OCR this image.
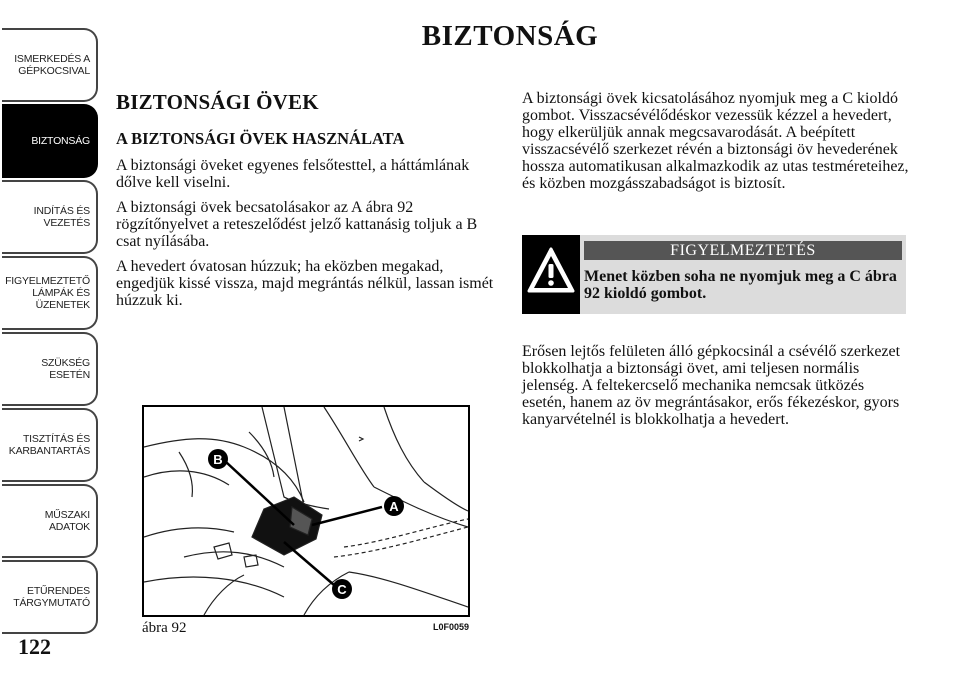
ISMERKEDÉS A
GÉPKOCSIVAL
BIZTONSÁG
INDÍTÁS ÉS
VEZETÉS
FIGYELMEZTETŐ
LÁMPÁK ÉS
ÜZENETEK
SZÜKSÉG ESETÉN
TISZTÍTÁS ÉS
KARBANTARTÁS
MŰSZAKI ADATOK
ETŰRENDES
TÁRGYMUTATÓ
122
BIZTONSÁG
BIZTONSÁGI ÖVEK
A BIZTONSÁGI ÖVEK HASZNÁLATA

A biztonsági öveket egyenes felsőtesttel, a háttámlának dőlve kell viselni.

A biztonsági övek becsatolásakor az A ábra 92 rögzítőnyelvet a reteszelődést jelző kattanásig toljuk a B csat nyílásába.

A hevedert óvatosan húzzuk; ha eközben megakad, engedjük kissé vissza, majd megrántás nélkül, lassan ismét húzzuk ki.

A biztonsági övek kicsatolásához nyomjuk meg a C kioldó gombot. Visszacsévélődéskor vezessük kézzel a hevedert, hogy elkerüljük annak megcsavarodását. A beépített visszacsévélő szerkezet révén a biztonsági öv hevederének hossza automatikusan alkalmazkodik az utas testméreteihez, és közben mozgásszabadságot is biztosít.

FIGYELMEZTETÉS
Menet közben soha ne nyomjuk meg a C ábra 92 kioldó gombot.

Erősen lejtős felületen álló gépkocsinál a csévélő szerkezet blokkolhatja a biztonsági övet, ami teljesen normális jelenség. A feltekercselő mechanika nemcsak ütközés esetén, hanem az öv megrántásakor, erős fékezéskor, gyors kanyarvételnél is blokkolhatja a hevedert.

B
A
C
ábra 92	L0F0059
